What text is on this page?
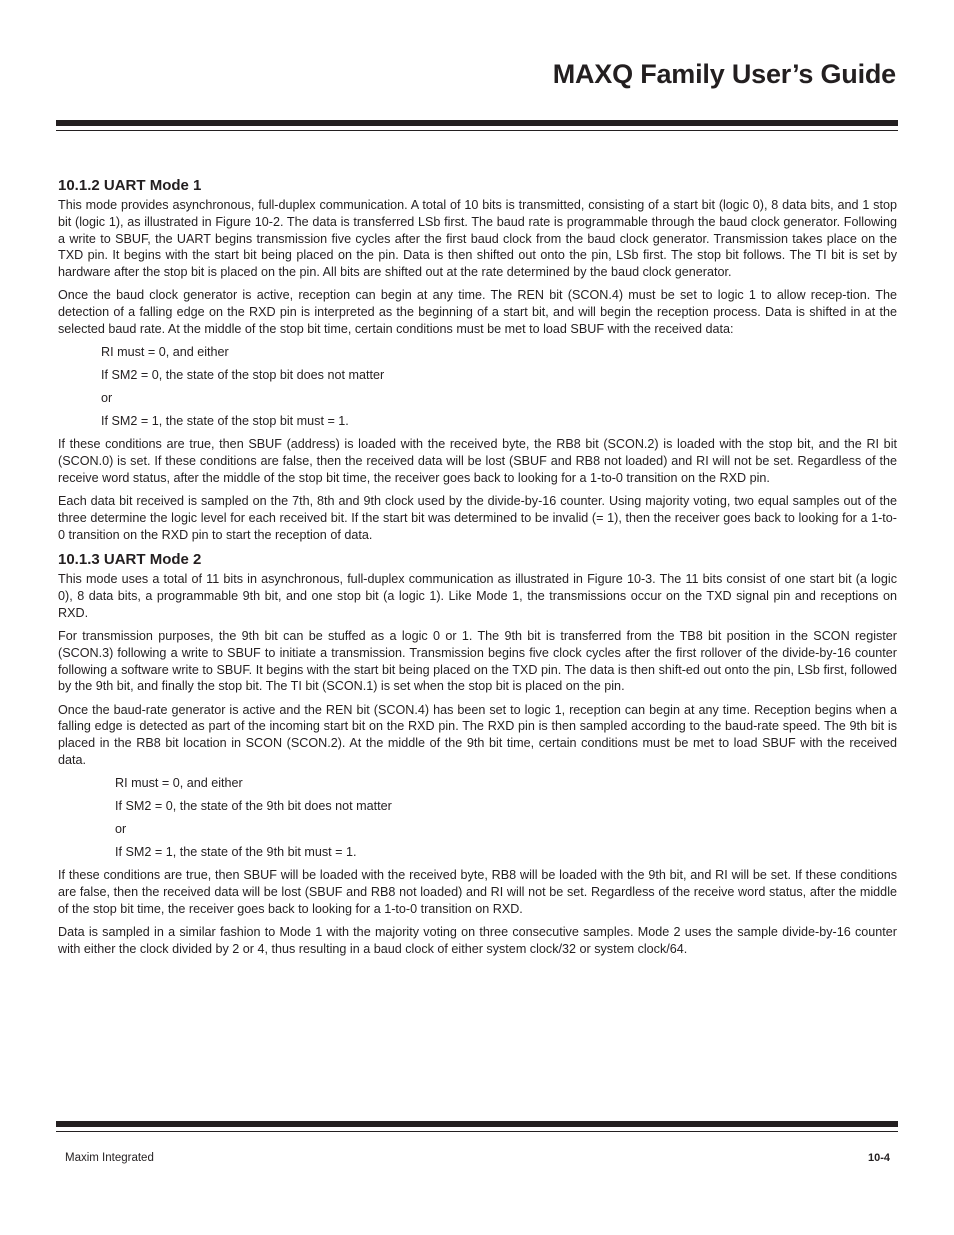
MAXQ Family User’s Guide
10.1.2 UART Mode 1

This mode provides asynchronous, full-duplex communication. A total of 10 bits is transmitted, consisting of a start bit (logic 0), 8 data bits, and 1 stop bit (logic 1), as illustrated in Figure 10-2. The data is transferred LSb first. The baud rate is programmable through the baud clock generator. Following a write to SBUF, the UART begins transmission five cycles after the first baud clock from the baud clock generator. Transmission takes place on the TXD pin. It begins with the start bit being placed on the pin. Data is then shifted out onto the pin, LSb first. The stop bit follows. The TI bit is set by hardware after the stop bit is placed on the pin. All bits are shifted out at the rate determined by the baud clock generator.

Once the baud clock generator is active, reception can begin at any time. The REN bit (SCON.4) must be set to logic 1 to allow recep-tion. The detection of a falling edge on the RXD pin is interpreted as the beginning of a start bit, and will begin the reception process. Data is shifted in at the selected baud rate. At the middle of the stop bit time, certain conditions must be met to load SBUF with the received data:

RI must = 0, and either

If SM2 = 0, the state of the stop bit does not matter

or

If SM2 = 1, the state of the stop bit must = 1.

If these conditions are true, then SBUF (address) is loaded with the received byte, the RB8 bit (SCON.2) is loaded with the stop bit, and the RI bit (SCON.0) is set. If these conditions are false, then the received data will be lost (SBUF and RB8 not loaded) and RI will not be set. Regardless of the receive word status, after the middle of the stop bit time, the receiver goes back to looking for a 1-to-0 transition on the RXD pin.

Each data bit received is sampled on the 7th, 8th and 9th clock used by the divide-by-16 counter. Using majority voting, two equal samples out of the three determine the logic level for each received bit. If the start bit was determined to be invalid (= 1), then the receiver goes back to looking for a 1-to-0 transition on the RXD pin to start the reception of data.

10.1.3 UART Mode 2

This mode uses a total of 11 bits in asynchronous, full-duplex communication as illustrated in Figure 10-3. The 11 bits consist of one start bit (a logic 0), 8 data bits, a programmable 9th bit, and one stop bit (a logic 1). Like Mode 1, the transmissions occur on the TXD signal pin and receptions on RXD.

For transmission purposes, the 9th bit can be stuffed as a logic 0 or 1. The 9th bit is transferred from the TB8 bit position in the SCON register (SCON.3) following a write to SBUF to initiate a transmission. Transmission begins five clock cycles after the first rollover of the divide-by-16 counter following a software write to SBUF. It begins with the start bit being placed on the TXD pin. The data is then shift-ed out onto the pin, LSb first, followed by the 9th bit, and finally the stop bit. The TI bit (SCON.1) is set when the stop bit is placed on the pin.

Once the baud-rate generator is active and the REN bit (SCON.4) has been set to logic 1, reception can begin at any time. Reception begins when a falling edge is detected as part of the incoming start bit on the RXD pin. The RXD pin is then sampled according to the baud-rate speed. The 9th bit is placed in the RB8 bit location in SCON (SCON.2). At the middle of the 9th bit time, certain conditions must be met to load SBUF with the received data.

RI must = 0, and either

If SM2 = 0, the state of the 9th bit does not matter

or

If SM2 = 1, the state of the 9th bit must = 1.

If these conditions are true, then SBUF will be loaded with the received byte, RB8 will be loaded with the 9th bit, and RI will be set. If these conditions are false, then the received data will be lost (SBUF and RB8 not loaded) and RI will not be set. Regardless of the receive word status, after the middle of the stop bit time, the receiver goes back to looking for a 1-to-0 transition on RXD.

Data is sampled in a similar fashion to Mode 1 with the majority voting on three consecutive samples. Mode 2 uses the sample divide-by-16 counter with either the clock divided by 2 or 4, thus resulting in a baud clock of either system clock/32 or system clock/64.

Maxim Integrated	10-4
